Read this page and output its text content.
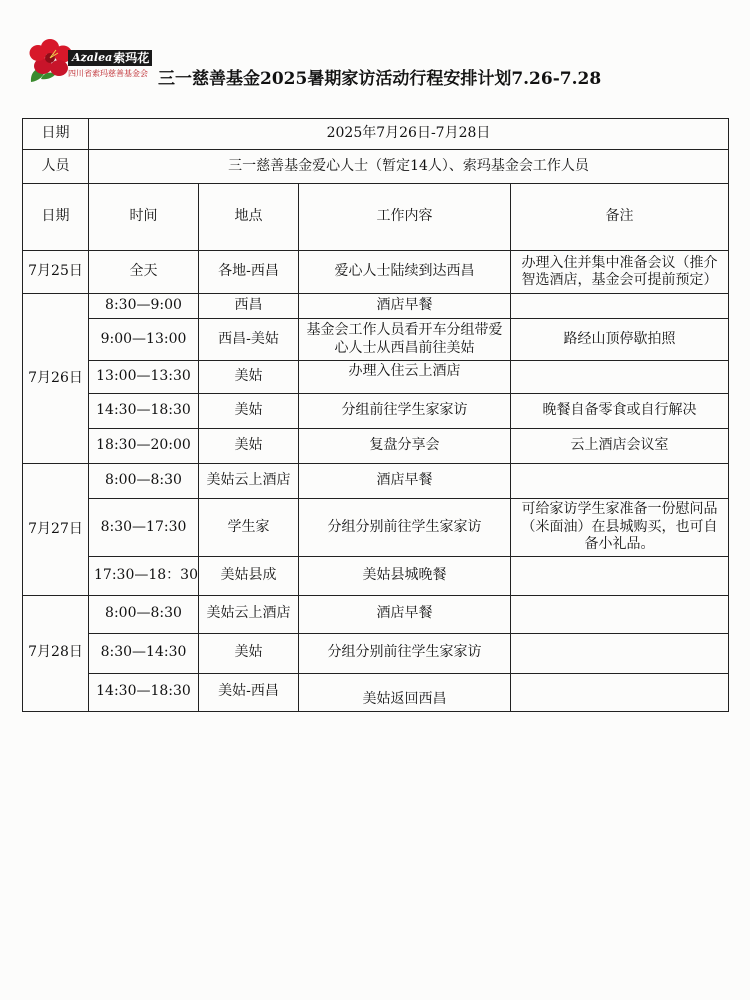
Azalea 索玛花
四川省索玛慈善基金会 三一慈善基金2025暑期家访活动行程安排计划7.26-7.28
日期	2025年7月26日-7月28日			
人员	三一慈善基金爱心人士（暂定14人）、索玛基金会工作人员			
日期	时间	地点	工作内容	备注
7月25日	全天	各地-西昌	爱心人士陆续到达西昌	办理入住并集中准备会议（推介智选酒店，基金会可提前预定）
7月26日	8:30—9:00	西昌	酒店早餐	
	9:00—13:00	西昌-美姑	基金会工作人员看开车分组带爱心人士从西昌前往美姑	路经山顶停歇拍照
	13:00—13:30	美姑	办理入住云上酒店	
	14:30—18:30	美姑	分组前往学生家家访	晚餐自备零食或自行解决
	18:30—20:00	美姑	复盘分享会	云上酒店会议室
7月27日	8:00—8:30	美姑云上酒店	酒店早餐	
	8:30—17:30	学生家	分组分别前往学生家家访	可给家访学生家准备一份慰问品（米面油）在县城购买，也可自备小礼品。
	17:30—18：30	美姑县成	美姑县城晚餐	
7月28日	8:00—8:30	美姑云上酒店	酒店早餐	
	8:30—14:30	美姑	分组分别前往学生家家访	
	14:30—18:30	美姑-西昌	美姑返回西昌	
